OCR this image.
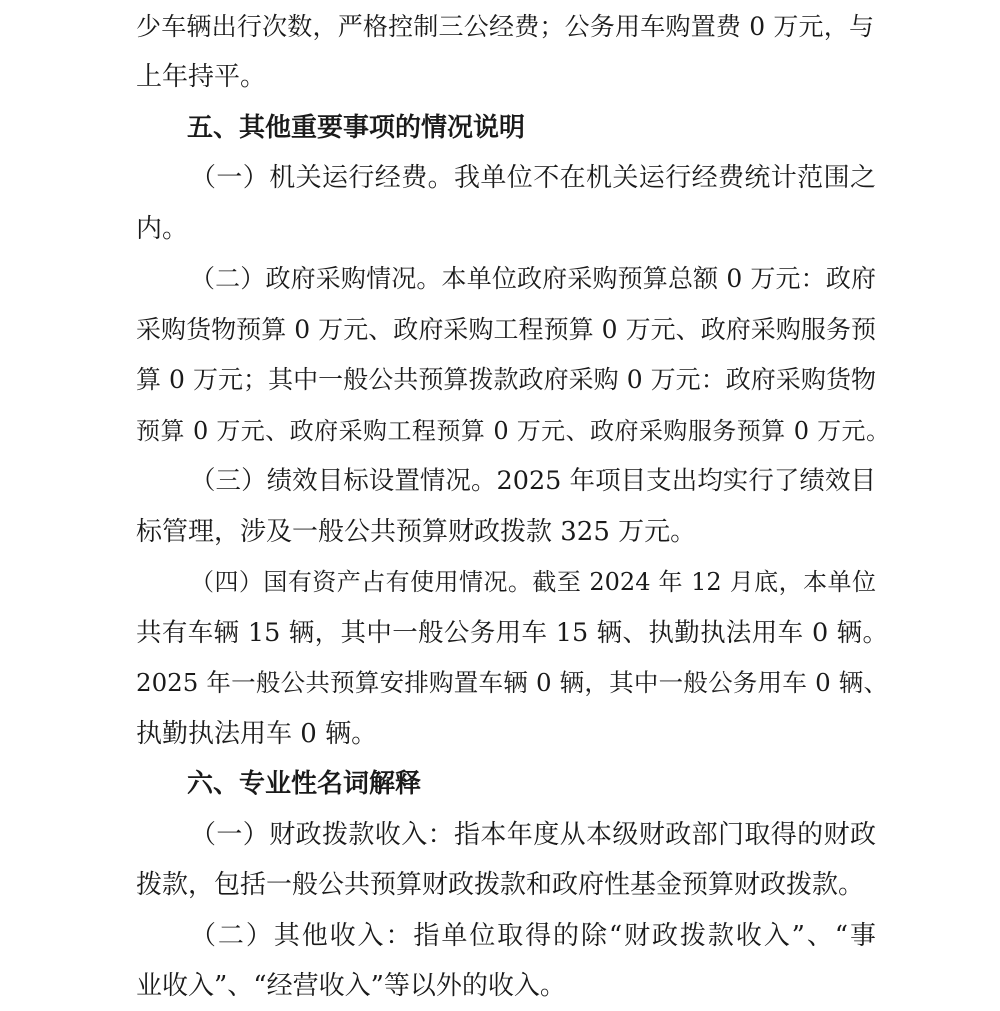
少车辆出行次数，严格控制三公经费；公务用车购置费 0 万元，与
上年持平。
五、其他重要事项的情况说明
（一）机关运行经费。我单位不在机关运行经费统计范围之
内。
（二）政府采购情况。本单位政府采购预算总额 0 万元：政府
采购货物预算 0 万元、政府采购工程预算 0 万元、政府采购服务预
算 0 万元；其中一般公共预算拨款政府采购 0 万元：政府采购货物
预算 0 万元、政府采购工程预算 0 万元、政府采购服务预算 0 万元。
（三）绩效目标设置情况。2025 年项目支出均实行了绩效目
标管理，涉及一般公共预算财政拨款 325 万元。
（四）国有资产占有使用情况。截至 2024 年 12 月底，本单位
共有车辆 15 辆，其中一般公务用车 15 辆、执勤执法用车 0 辆。
2025 年一般公共预算安排购置车辆 0 辆，其中一般公务用车 0 辆、
执勤执法用车 0 辆。
六、专业性名词解释
（一）财政拨款收入：指本年度从本级财政部门取得的财政
拨款，包括一般公共预算财政拨款和政府性基金预算财政拨款。
（二）其他收入：指单位取得的除“财政拨款收入”、“事
业收入”、“经营收入”等以外的收入。
